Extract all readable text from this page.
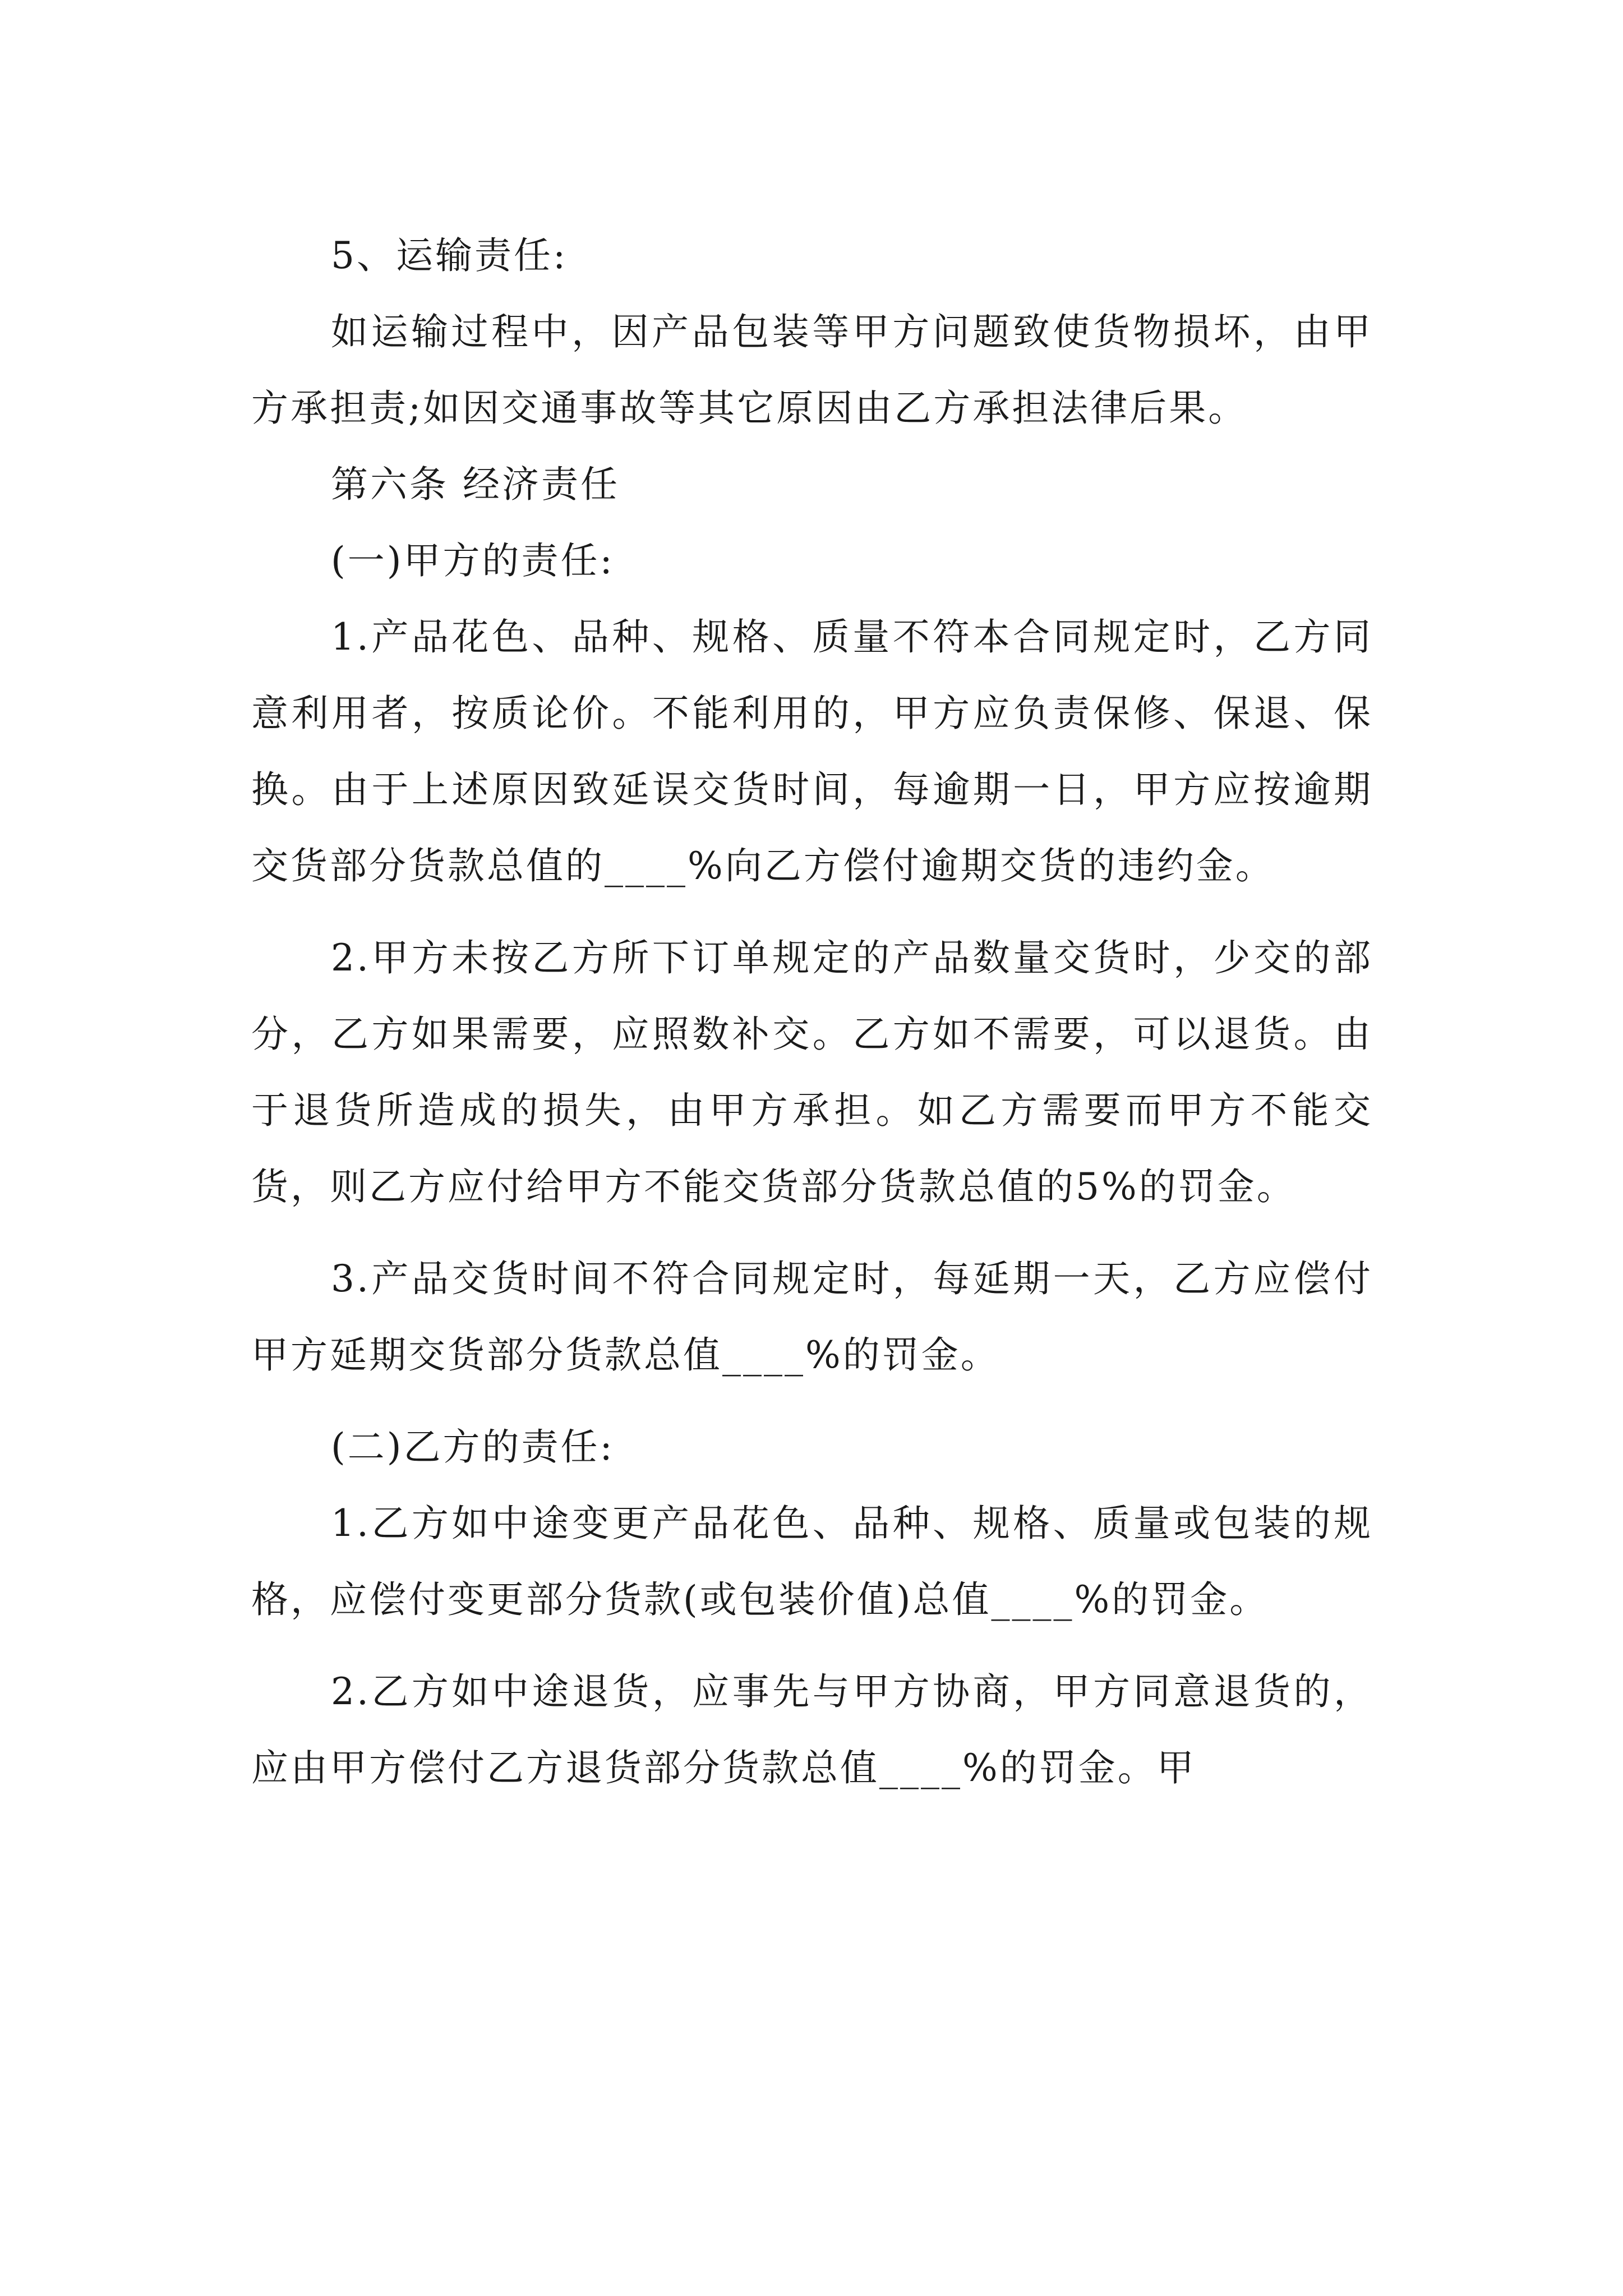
5、运输责任:

如运输过程中，因产品包装等甲方问题致使货物损坏，由甲方承担责;如因交通事故等其它原因由乙方承担法律后果。

第六条 经济责任

(一)甲方的责任:

1.产品花色、品种、规格、质量不符本合同规定时，乙方同意利用者，按质论价。不能利用的，甲方应负责保修、保退、保换。由于上述原因致延误交货时间，每逾期一日，甲方应按逾期交货部分货款总值的____%向乙方偿付逾期交货的违约金。

2.甲方未按乙方所下订单规定的产品数量交货时，少交的部分，乙方如果需要，应照数补交。乙方如不需要，可以退货。由于退货所造成的损失，由甲方承担。如乙方需要而甲方不能交货，则乙方应付给甲方不能交货部分货款总值的5%的罚金。

3.产品交货时间不符合同规定时，每延期一天，乙方应偿付甲方延期交货部分货款总值____%的罚金。

(二)乙方的责任:

1.乙方如中途变更产品花色、品种、规格、质量或包装的规格，应偿付变更部分货款(或包装价值)总值____%的罚金。

2.乙方如中途退货，应事先与甲方协商，甲方同意退货的，应由甲方偿付乙方退货部分货款总值____%的罚金。甲
